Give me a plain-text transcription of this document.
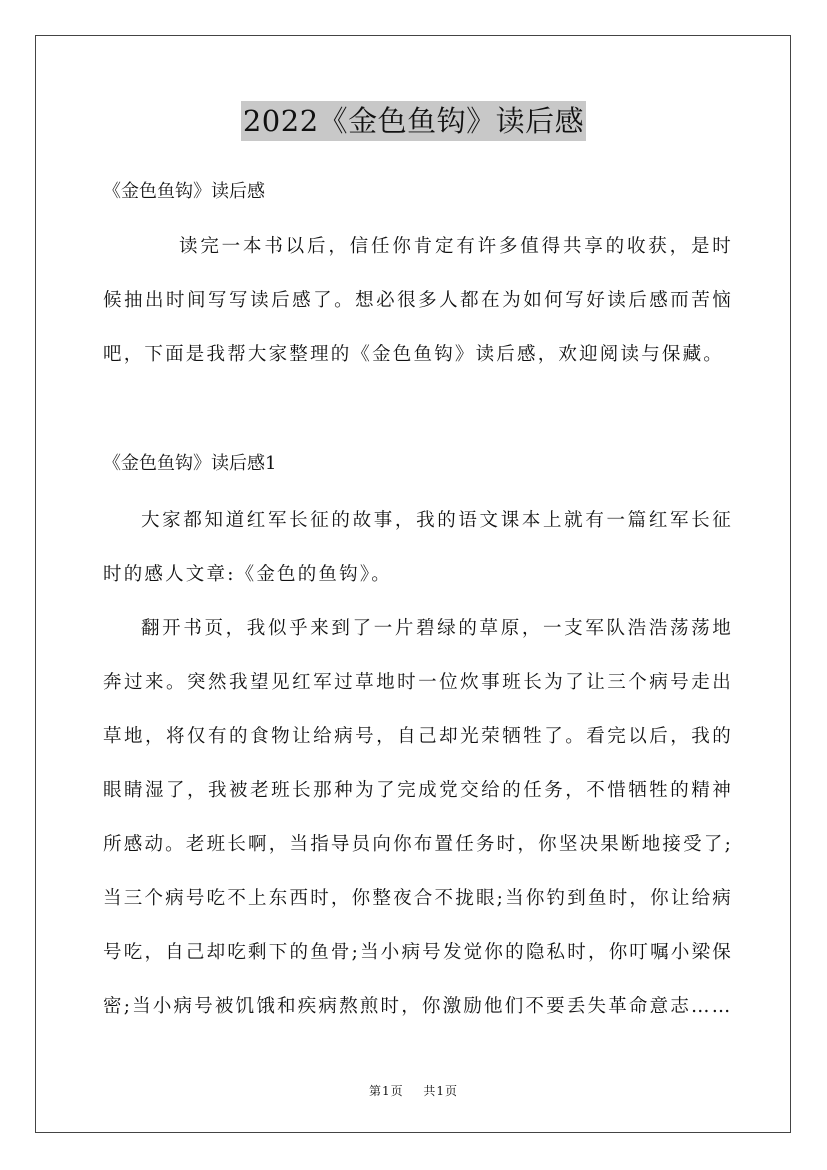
2022《金色鱼钩》读后感
《金色鱼钩》读后感

读完一本书以后，信任你肯定有许多值得共享的收获，是时候抽出时间写写读后感了。想必很多人都在为如何写好读后感而苦恼吧，下面是我帮大家整理的《金色鱼钩》读后感，欢迎阅读与保藏。

《金色鱼钩》读后感1

大家都知道红军长征的故事，我的语文课本上就有一篇红军长征时的感人文章:《金色的鱼钩》。

翻开书页，我似乎来到了一片碧绿的草原，一支军队浩浩荡荡地奔过来。突然我望见红军过草地时一位炊事班长为了让三个病号走出草地，将仅有的食物让给病号，自己却光荣牺牲了。看完以后，我的眼睛湿了，我被老班长那种为了完成党交给的任务，不惜牺牲的精神所感动。老班长啊，当指导员向你布置任务时，你坚决果断地接受了;当三个病号吃不上东西时，你整夜合不拢眼;当你钓到鱼时，你让给病号吃，自己却吃剩下的鱼骨;当小病号发觉你的隐私时，你叮嘱小梁保密;当小病号被饥饿和疾病熬煎时，你激励他们不要丢失革命意志……

第1页 共1页
